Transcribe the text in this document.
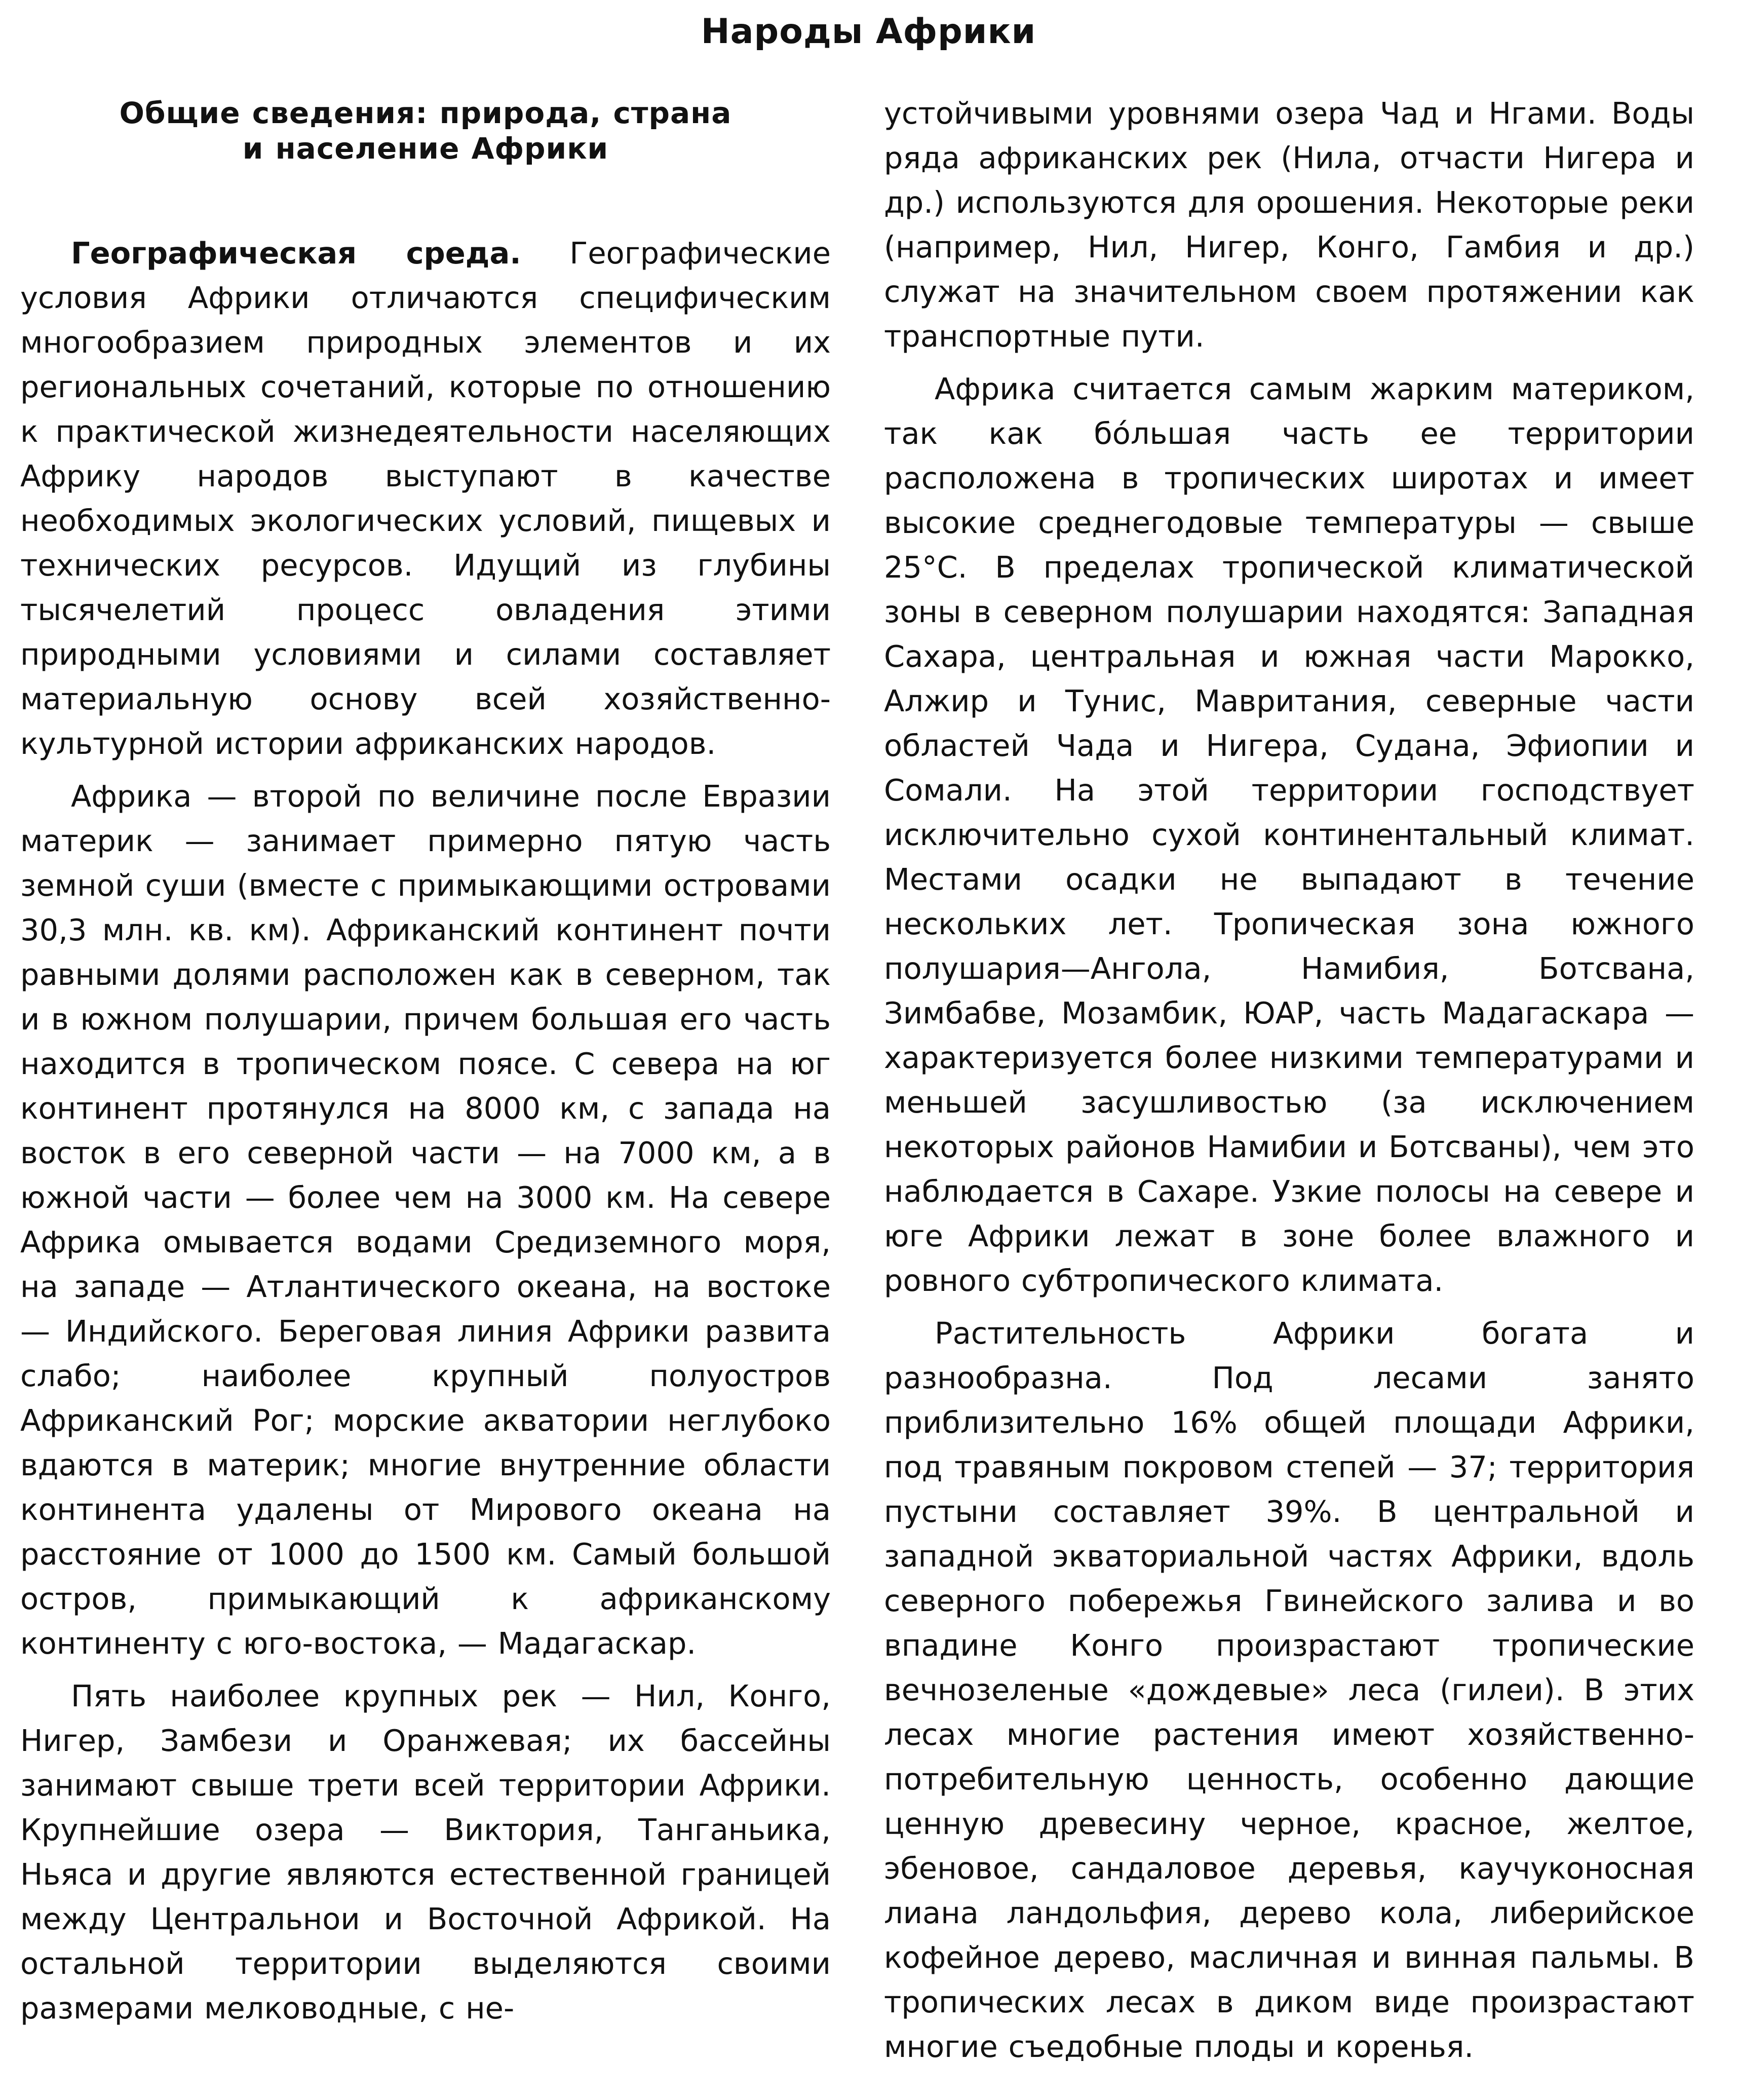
Народы Африки
Общие сведения: природа, страна
и население Африки

Географическая среда. Географические условия Африки отличаются специфическим многообразием природных элементов и их региональных сочетаний, которые по отношению к практической жизнедеятельности населяющих Африку народов выступают в качестве необходимых экологических условий, пищевых и технических ресурсов. Идущий из глубины тысячелетий процесс овладения этими природными условиями и силами составляет материальную основу всей хозяйственно-культурной истории африканских народов.

Африка — второй по величине после Евразии материк — занимает примерно пятую часть земной суши (вместе с примыкающими островами 30,3 млн. кв. км). Африканский континент почти равными долями расположен как в северном, так и в южном полушарии, причем большая его часть находится в тропическом поясе. С севера на юг континент протянулся на 8000 км, с запада на восток в его северной части — на 7000 км, а в южной части — более чем на 3000 км. На севере Африка омывается водами Средиземного моря, на западе — Атлантического океана, на востоке — Индийского. Береговая линия Африки развита слабо; наиболее крупный полуостров Африканский Рог; морские акватории неглубоко вдаются в материк; многие внутренние области континента удалены от Мирового океана на расстояние от 1000 до 1500 км. Самый большой остров, примыкающий к африканскому континенту с юго-востока, — Мадагаскар.

Пять наиболее крупных рек — Нил, Конго, Нигер, Замбези и Оранжевая; их бассейны занимают свыше трети всей территории Африки. Крупнейшие озера — Виктория, Танганьика, Ньяса и другие являются естественной границей между Центральнои и Восточной Африкой. На остальной территории выделяются своими размерами мелководные, с не-

устойчивыми уровнями озера Чад и Нгами. Воды ряда африканских рек (Нила, отчасти Нигера и др.) используются для орошения. Некоторые реки (например, Нил, Нигер, Конго, Гамбия и др.) служат на значительном своем протяжении как транспортные пути.

Африка считается самым жарким материком, так как бо́льшая часть ее территории расположена в тропических широтах и имеет высокие среднегодовые температуры — свыше 25°С. В пределах тропической климатической зоны в северном полушарии находятся: Западная Сахара, центральная и южная части Марокко, Алжир и Тунис, Мавритания, северные части областей Чада и Нигера, Судана, Эфиопии и Сомали. На этой территории господствует исключительно сухой континентальный климат. Местами осадки не выпадают в течение нескольких лет. Тропическая зона южного полушария—Ангола, Намибия, Ботсвана, Зимбабве, Мозамбик, ЮАР, часть Мадагаскара — характеризуется более низкими температурами и меньшей засушливостью (за исключением некоторых районов Намибии и Ботсваны), чем это наблюдается в Сахаре. Узкие полосы на севере и юге Африки лежат в зоне более влажного и ровного субтропического климата.

Растительность Африки богата и разнообразна. Под лесами занято приблизительно 16% общей площади Африки, под травяным покровом степей — 37; территория пустыни составляет 39%. В центральной и западной экваториальной частях Африки, вдоль северного побережья Гвинейского залива и во впадине Конго произрастают тропические вечнозеленые «дождевые» леса (гилеи). В этих лесах многие растения имеют хозяйственно-потребительную ценность, особенно дающие ценную древесину черное, красное, желтое, эбеновое, сандаловое деревья, каучуконосная лиана ландольфия, дерево кола, либерийское кофейное дерево, масличная и винная пальмы. В тропических лесах в диком виде произрастают многие съедобные плоды и коренья.
